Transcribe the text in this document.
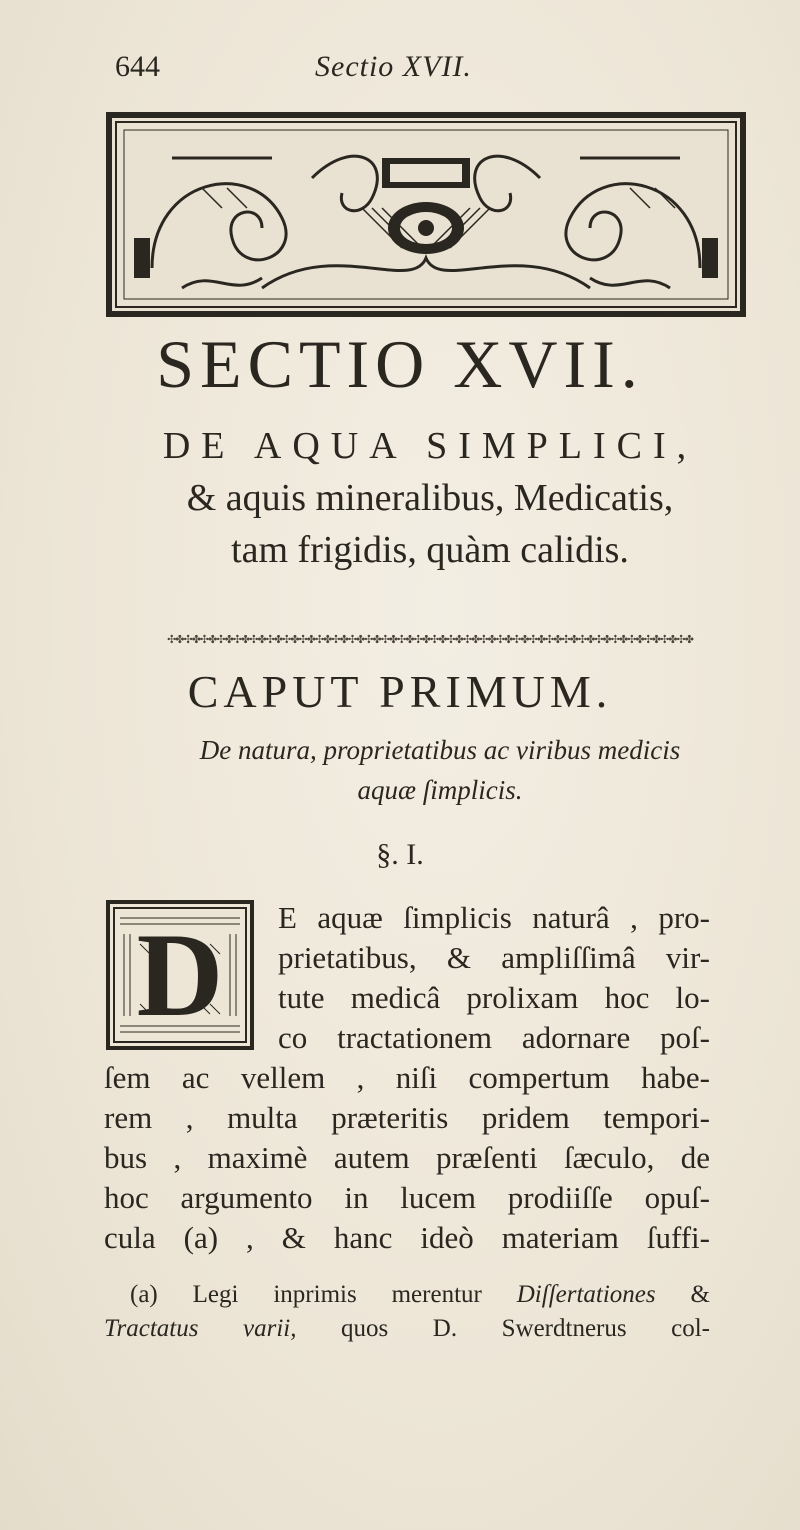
644	Sectio XVII.
SECTIO XVII.
DE AQUA SIMPLICI,
& aquis mineralibus, Medicatis,
tam frigidis, quàm calidis.
✣✤✣✤✣✤✣✤✣✤✣✤✣✤✣✤✣✤✣✤✣✤✣✤✣✤✣✤✣✤✣✤✣✤✣✤✣✤✣✤✣✤✣✤✣✤✣✤✣✤✣✤✣✤✣✤✣✤✣✤✣✤✣✤
CAPUT PRIMUM.
De natura, proprietatibus ac viribus medicis
aquæ ſimplicis.
§. I.
D	E aquæ ſimplicis naturâ , pro-
prietatibus, & ampliſſimâ vir-
tute medicâ prolixam hoc lo-
co tractationem adornare poſ-
ſem ac vellem , niſi compertum habe-
rem , multa præteritis pridem tempori-
bus , maximè autem præſenti ſæculo, de
hoc argumento in lucem prodiiſſe opuſ-
cula (a) , & hanc ideò materiam ſuffi-
(a) Legi inprimis merentur Diſſertationes &
Tractatus varii, quos D. Swerdtnerus col-
